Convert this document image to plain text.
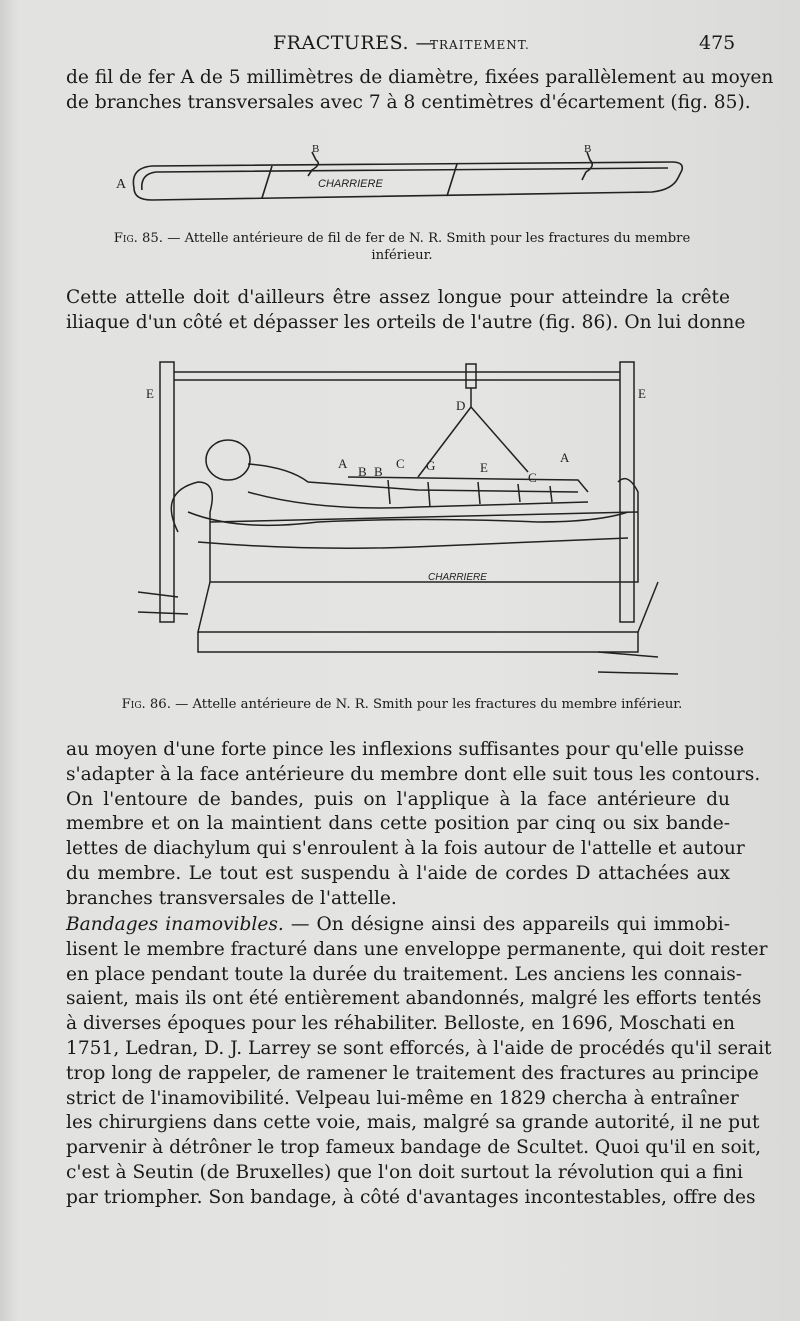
FRACTURES. —
TRAITEMENT.	475
de fil de fer A de 5 millimètres de diamètre, fixées parallèlement au moyen
de branches transversales avec 7 à 8 centimètres d'écartement (fig. 85).
A
B	B
CHARRIERE
Fig. 85. — Attelle antérieure de fil de fer de N. R. Smith pour les fractures du membre
inférieur.
Cette attelle doit d'ailleurs être assez longue pour atteindre la crête
iliaque d'un côté et dépasser les orteils de l'autre (fig. 86). On lui donne
E	E
D
A
B B
C G	E
C
A
CHARRIERE
Fig. 86. — Attelle antérieure de N. R. Smith pour les fractures du membre inférieur.
au moyen d'une forte pince les inflexions suffisantes pour qu'elle puisse
s'adapter à la face antérieure du membre dont elle suit tous les contours.
On l'entoure de bandes, puis on l'applique à la face antérieure du
membre et on la maintient dans cette position par cinq ou six bande-
lettes de diachylum qui s'enroulent à la fois autour de l'attelle et autour
du membre. Le tout est suspendu à l'aide de cordes D attachées aux
branches transversales de l'attelle.
Bandages inamovibles. — On désigne ainsi des appareils qui immobi-
lisent le membre fracturé dans une enveloppe permanente, qui doit rester
en place pendant toute la durée du traitement. Les anciens les connais-
saient, mais ils ont été entièrement abandonnés, malgré les efforts tentés
à diverses époques pour les réhabiliter. Belloste, en 1696, Moschati en
1751, Ledran, D. J. Larrey se sont efforcés, à l'aide de procédés qu'il serait
trop long de rappeler, de ramener le traitement des fractures au principe
strict de l'inamovibilité. Velpeau lui-même en 1829 chercha à entraîner
les chirurgiens dans cette voie, mais, malgré sa grande autorité, il ne put
parvenir à détrôner le trop fameux bandage de Scultet. Quoi qu'il en soit,
c'est à Seutin (de Bruxelles) que l'on doit surtout la révolution qui a fini
par triompher. Son bandage, à côté d'avantages incontestables, offre des
